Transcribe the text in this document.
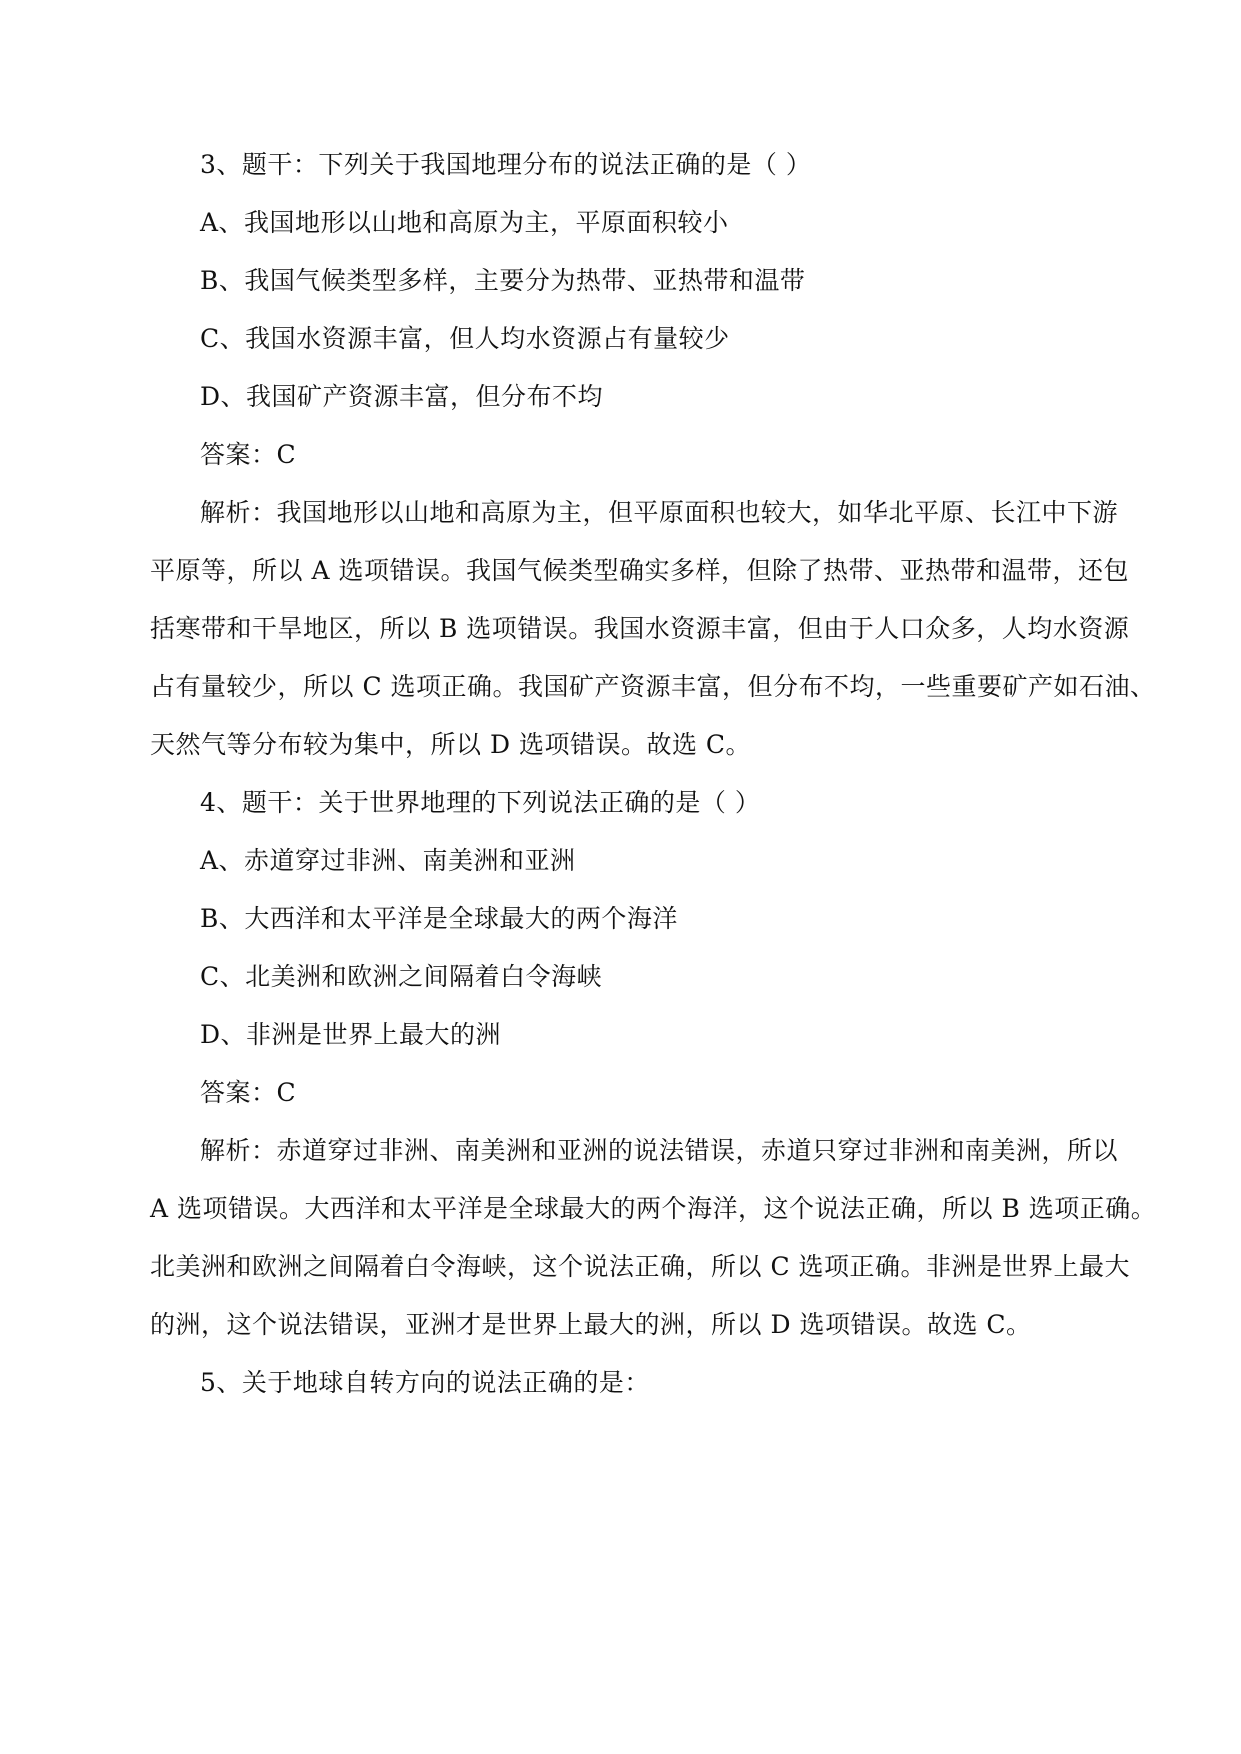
3、题干：下列关于我国地理分布的说法正确的是（ ）
A、我国地形以山地和高原为主，平原面积较小
B、我国气候类型多样，主要分为热带、亚热带和温带
C、我国水资源丰富，但人均水资源占有量较少
D、我国矿产资源丰富，但分布不均
答案：C
解析：我国地形以山地和高原为主，但平原面积也较大，如华北平原、长江中下游
平原等，所以 A 选项错误。我国气候类型确实多样，但除了热带、亚热带和温带，还包
括寒带和干旱地区，所以 B 选项错误。我国水资源丰富，但由于人口众多，人均水资源
占有量较少，所以 C 选项正确。我国矿产资源丰富，但分布不均，一些重要矿产如石油、
天然气等分布较为集中，所以 D 选项错误。故选 C。
4、题干：关于世界地理的下列说法正确的是（ ）
A、赤道穿过非洲、南美洲和亚洲
B、大西洋和太平洋是全球最大的两个海洋
C、北美洲和欧洲之间隔着白令海峡
D、非洲是世界上最大的洲
答案：C
解析：赤道穿过非洲、南美洲和亚洲的说法错误，赤道只穿过非洲和南美洲，所以
A 选项错误。大西洋和太平洋是全球最大的两个海洋，这个说法正确，所以 B 选项正确。
北美洲和欧洲之间隔着白令海峡，这个说法正确，所以 C 选项正确。非洲是世界上最大
的洲，这个说法错误，亚洲才是世界上最大的洲，所以 D 选项错误。故选 C。
5、关于地球自转方向的说法正确的是：
